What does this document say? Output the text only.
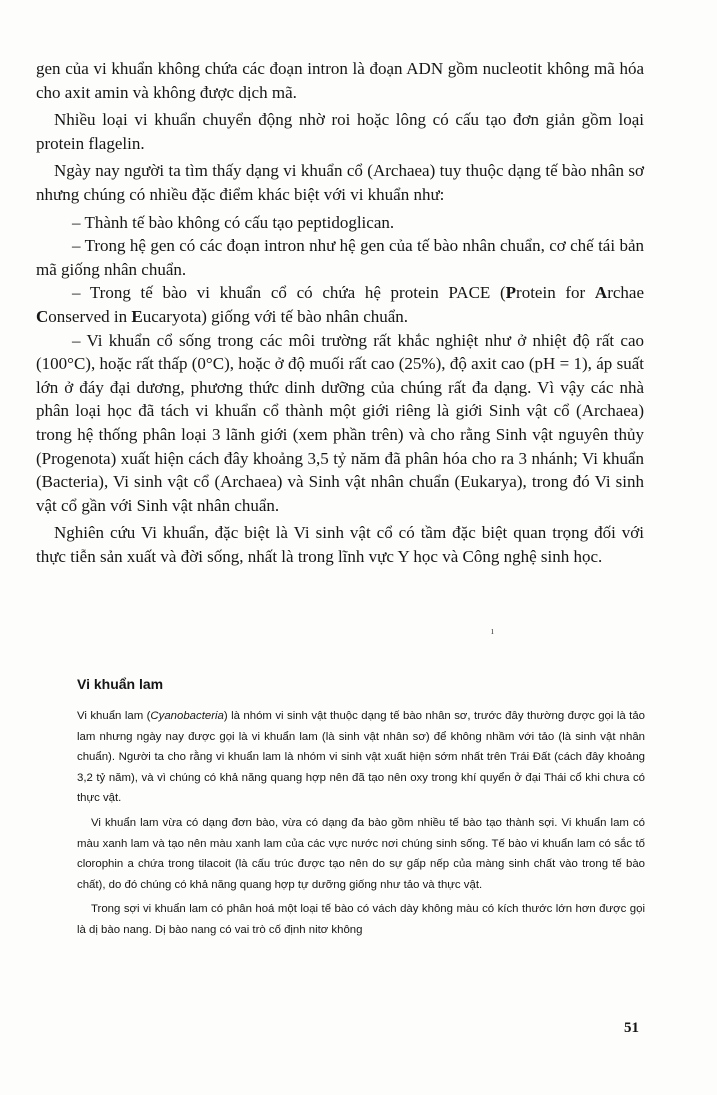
gen của vi khuẩn không chứa các đoạn intron là đoạn ADN gồm nucleotit không mã hóa cho axit amin và không được dịch mã.

Nhiều loại vi khuẩn chuyển động nhờ roi hoặc lông có cấu tạo đơn giản gồm loại protein flagelin.

Ngày nay người ta tìm thấy dạng vi khuẩn cổ (Archaea) tuy thuộc dạng tế bào nhân sơ nhưng chúng có nhiều đặc điểm khác biệt với vi khuẩn như:

– Thành tế bào không có cấu tạo peptidoglican.

– Trong hệ gen có các đoạn intron như hệ gen của tế bào nhân chuẩn, cơ chế tái bản mã giống nhân chuẩn.

– Trong tế bào vi khuẩn cổ có chứa hệ protein PACE (Protein for Archae Conserved in Eucaryota) giống với tế bào nhân chuẩn.

– Vi khuẩn cổ sống trong các môi trường rất khắc nghiệt như ở nhiệt độ rất cao (100°C), hoặc rất thấp (0°C), hoặc ở độ muối rất cao (25%), độ axit cao (pH = 1), áp suất lớn ở đáy đại dương, phương thức dinh dưỡng của chúng rất đa dạng. Vì vậy các nhà phân loại học đã tách vi khuẩn cổ thành một giới riêng là giới Sinh vật cổ (Archaea) trong hệ thống phân loại 3 lãnh giới (xem phần trên) và cho rằng Sinh vật nguyên thủy (Progenota) xuất hiện cách đây khoảng 3,5 tỷ năm đã phân hóa cho ra 3 nhánh; Vi khuẩn (Bacteria), Vi sinh vật cổ (Archaea) và Sinh vật nhân chuẩn (Eukarya), trong đó Vi sinh vật cổ gần với Sinh vật nhân chuẩn.

Nghiên cứu Vi khuẩn, đặc biệt là Vi sinh vật cổ có tầm đặc biệt quan trọng đối với thực tiễn sản xuất và đời sống, nhất là trong lĩnh vực Y học và Công nghệ sinh học.

ı
Vi khuẩn lam

Vi khuẩn lam (Cyanobacteria) là nhóm vi sinh vật thuộc dạng tế bào nhân sơ, trước đây thường được gọi là tảo lam nhưng ngày nay được gọi là vi khuẩn lam (là sinh vật nhân sơ) để không nhầm với tảo (là sinh vật nhân chuẩn). Người ta cho rằng vi khuẩn lam là nhóm vi sinh vật xuất hiện sớm nhất trên Trái Đất (cách đây khoảng 3,2 tỷ năm), và vì chúng có khả năng quang hợp nên đã tạo nên oxy trong khí quyển ở đại Thái cổ khi chưa có thực vật.

Vi khuẩn lam vừa có dạng đơn bào, vừa có dạng đa bào gồm nhiều tế bào tạo thành sợi. Vi khuẩn lam có màu xanh lam và tạo nên màu xanh lam của các vực nước nơi chúng sinh sống. Tế bào vi khuẩn lam có sắc tố clorophin a chứa trong tilacoit (là cấu trúc được tạo nên do sự gấp nếp của màng sinh chất vào trong tế bào chất), do đó chúng có khả năng quang hợp tự dưỡng giống như tảo và thực vật.

Trong sợi vi khuẩn lam có phân hoá một loại tế bào có vách dày không màu có kích thước lớn hơn được gọi là dị bào nang. Dị bào nang có vai trò cố định nitơ không

51
